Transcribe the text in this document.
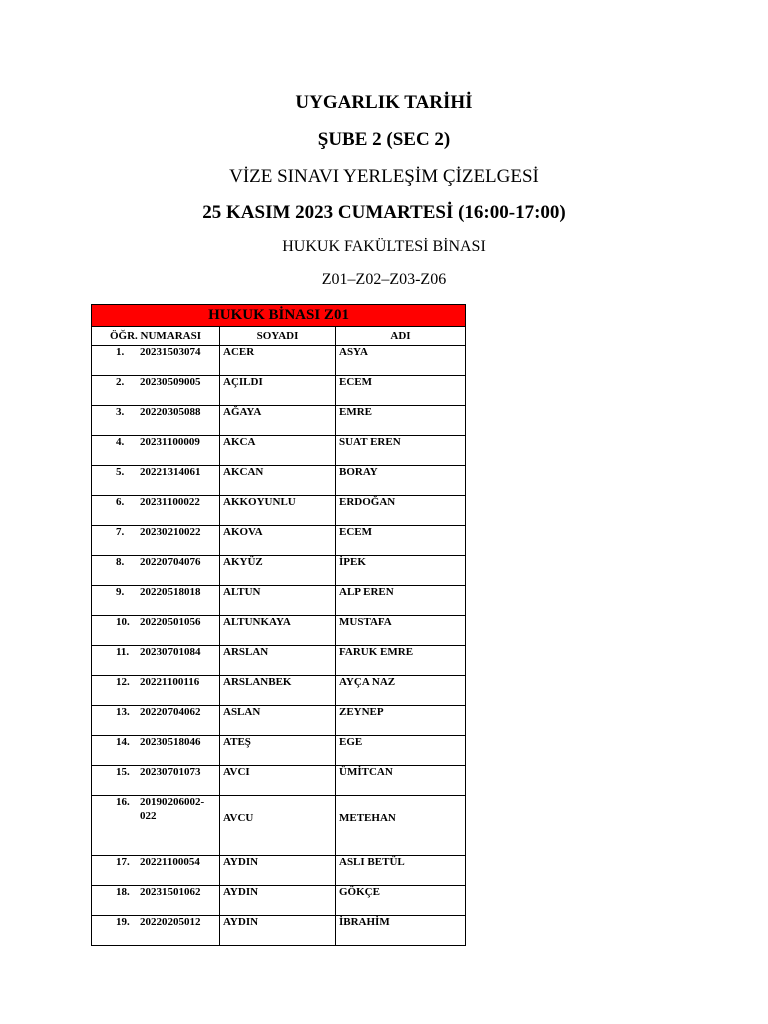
UYGARLIK TARİHİ
ŞUBE 2 (SEC 2)
VİZE SINAVI YERLEŞİM ÇİZELGESİ
25 KASIM 2023 CUMARTESİ (16:00-17:00)
HUKUK FAKÜLTESİ BİNASI
Z01–Z02–Z03-Z06
HUKUK BİNASI Z01		
ÖĞR. NUMARASI	SOYADI	ADI
1. 20231503074	ACER	ASYA
2. 20230509005	AÇILDI	ECEM
3. 20220305088	AĞAYA	EMRE
4. 20231100009	AKCA	SUAT EREN
5. 20221314061	AKCAN	BORAY
6. 20231100022	AKKOYUNLU	ERDOĞAN
7. 20230210022	AKOVA	ECEM
8. 20220704076	AKYÜZ	İPEK
9. 20220518018	ALTUN	ALP EREN
10. 20220501056	ALTUNKAYA	MUSTAFA
11. 20230701084	ARSLAN	FARUK EMRE
12. 20221100116	ARSLANBEK	AYÇA NAZ
13. 20220704062	ASLAN	ZEYNEP
14. 20230518046	ATEŞ	EGE
15. 20230701073	AVCI	ÜMİTCAN

16. 20190206002-
022	AVCU	METEHAN
17. 20221100054	AYDIN	ASLI BETÜL
18. 20231501062	AYDIN	GÖKÇE
19. 20220205012	AYDIN	İBRAHİM
